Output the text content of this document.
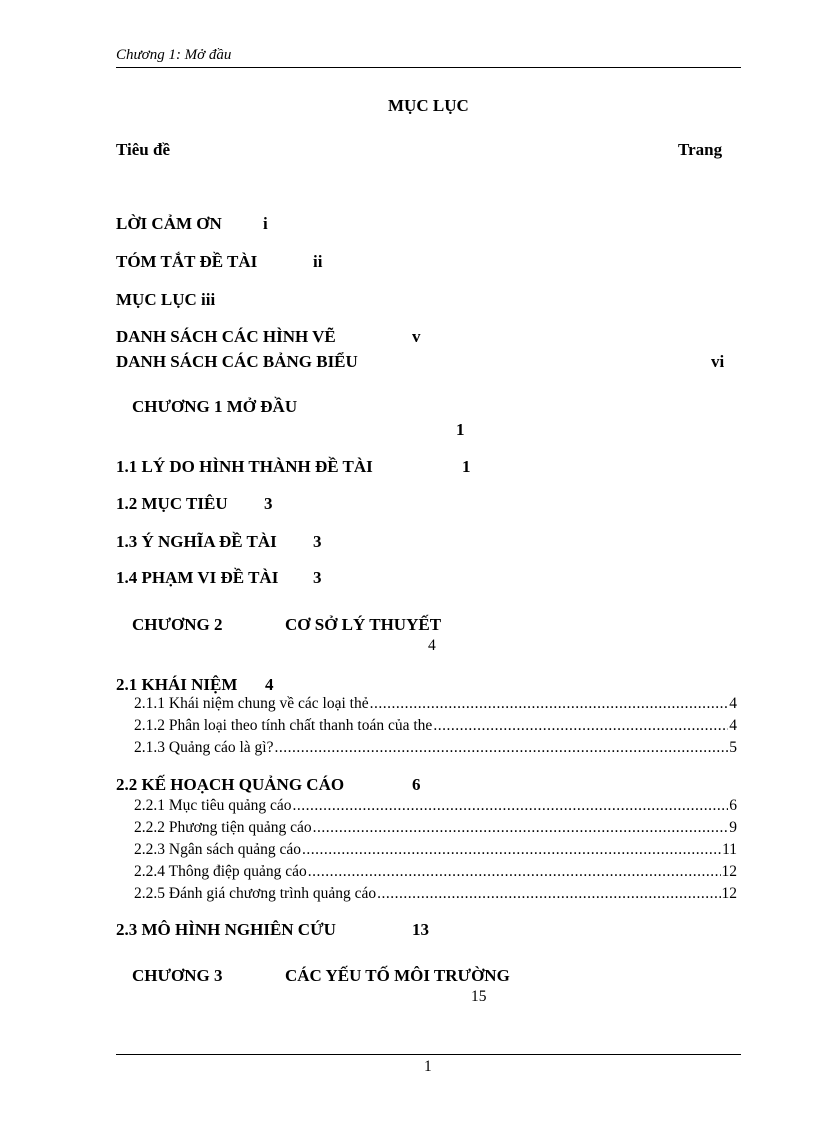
Chương 1: Mở đầu
MỤC LỤC
Tiêu đề	Trang
LỜI CẢM ƠN i
TÓM TẮT ĐỀ TÀI	ii
MỤC LỤC iii
DANH SÁCH CÁC HÌNH VẼ	v
DANH SÁCH CÁC BẢNG BIỂU	vi
CHƯƠNG 1 MỞ ĐẦU
1
1.1 LÝ DO HÌNH THÀNH ĐỀ TÀI	1
1.2 MỤC TIÊU 3
1.3 Ý NGHĨA ĐỀ TÀI 3
1.4 PHẠM VI ĐỀ TÀI 3
CHƯƠNG 2	CƠ SỞ LÝ THUYẾT
4
2.1 KHÁI NIỆM 4
2.1.1 Khái niệm chung về các loại thẻ .....	4
2.1.2 Phân loại theo tính chất thanh toán của the .....	4
2.1.3 Quảng cáo là gì? .....	5
2.2 KẾ HOẠCH QUẢNG CÁO	6
2.2.1 Mục tiêu quảng cáo .....	6
2.2.2 Phương tiện quảng cáo .....	9
2.2.3 Ngân sách quảng cáo .....	11
2.2.4 Thông điệp quảng cáo .....	12
2.2.5 Đánh giá chương trình quảng cáo .....	12
2.3 MÔ HÌNH NGHIÊN CỨU	13
CHƯƠNG 3	CÁC YẾU TỐ MÔI TRƯỜNG
15
1
